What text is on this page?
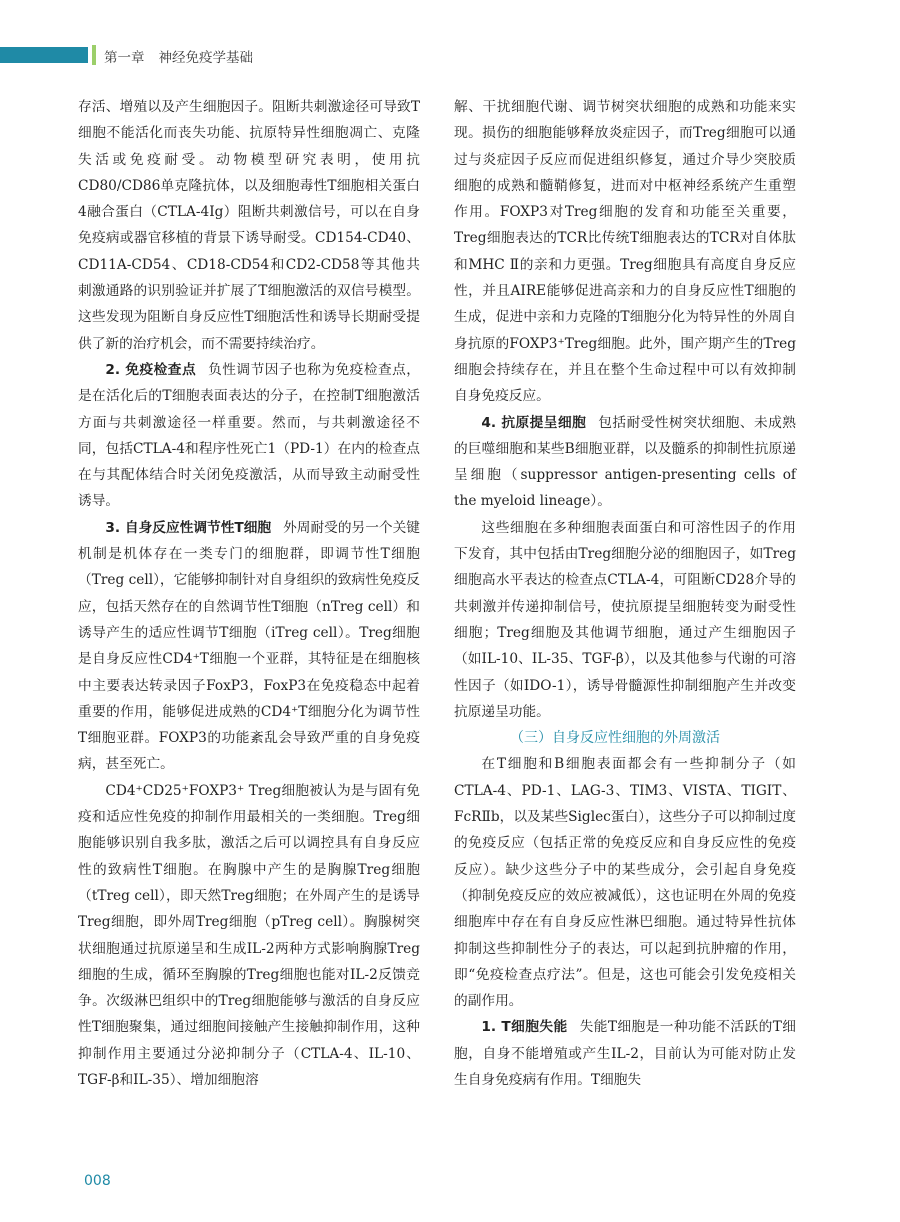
第一章 神经免疫学基础

存活、增殖以及产生细胞因子。阻断共刺激途径可导致T细胞不能活化而丧失功能、抗原特异性细胞凋亡、克隆失活或免疫耐受。动物模型研究表明，使用抗CD80/CD86单克隆抗体，以及细胞毒性T细胞相关蛋白4融合蛋白（CTLA-4Ig）阻断共刺激信号，可以在自身免疫病或器官移植的背景下诱导耐受。CD154-CD40、CD11A-CD54、CD18-CD54和CD2-CD58等其他共刺激通路的识别验证并扩展了T细胞激活的双信号模型。这些发现为阻断自身反应性T细胞活性和诱导长期耐受提供了新的治疗机会，而不需要持续治疗。

2. 免疫检查点 负性调节因子也称为免疫检查点，是在活化后的T细胞表面表达的分子，在控制T细胞激活方面与共刺激途径一样重要。然而，与共刺激途径不同，包括CTLA-4和程序性死亡1（PD-1）在内的检查点在与其配体结合时关闭免疫激活，从而导致主动耐受性诱导。

3. 自身反应性调节性T细胞 外周耐受的另一个关键机制是机体存在一类专门的细胞群，即调节性T细胞（Treg cell），它能够抑制针对自身组织的致病性免疫反应，包括天然存在的自然调节性T细胞（nTreg cell）和诱导产生的适应性调节T细胞（iTreg cell）。Treg细胞是自身反应性CD4⁺T细胞一个亚群，其特征是在细胞核中主要表达转录因子FoxP3，FoxP3在免疫稳态中起着重要的作用，能够促进成熟的CD4⁺T细胞分化为调节性T细胞亚群。FOXP3的功能紊乱会导致严重的自身免疫病，甚至死亡。

CD4⁺CD25⁺FOXP3⁺ Treg细胞被认为是与固有免疫和适应性免疫的抑制作用最相关的一类细胞。Treg细胞能够识别自我多肽，激活之后可以调控具有自身反应性的致病性T细胞。在胸腺中产生的是胸腺Treg细胞（tTreg cell），即天然Treg细胞；在外周产生的是诱导Treg细胞，即外周Treg细胞（pTreg cell）。胸腺树突状细胞通过抗原递呈和生成IL-2两种方式影响胸腺Treg细胞的生成，循环至胸腺的Treg细胞也能对IL-2反馈竞争。次级淋巴组织中的Treg细胞能够与激活的自身反应性T细胞聚集，通过细胞间接触产生接触抑制作用，这种抑制作用主要通过分泌抑制分子（CTLA-4、IL-10、TGF-β和IL-35）、增加细胞溶

解、干扰细胞代谢、调节树突状细胞的成熟和功能来实现。损伤的细胞能够释放炎症因子，而Treg细胞可以通过与炎症因子反应而促进组织修复，通过介导少突胶质细胞的成熟和髓鞘修复，进而对中枢神经系统产生重塑作用。FOXP3对Treg细胞的发育和功能至关重要，Treg细胞表达的TCR比传统T细胞表达的TCR对自体肽和MHC Ⅱ的亲和力更强。Treg细胞具有高度自身反应性，并且AIRE能够促进高亲和力的自身反应性T细胞的生成，促进中亲和力克隆的T细胞分化为特异性的外周自身抗原的FOXP3⁺Treg细胞。此外，围产期产生的Treg细胞会持续存在，并且在整个生命过程中可以有效抑制自身免疫反应。

4. 抗原提呈细胞 包括耐受性树突状细胞、未成熟的巨噬细胞和某些B细胞亚群，以及髓系的抑制性抗原递呈细胞（suppressor antigen-presenting cells of the myeloid lineage）。

这些细胞在多种细胞表面蛋白和可溶性因子的作用下发育，其中包括由Treg细胞分泌的细胞因子，如Treg细胞高水平表达的检查点CTLA-4，可阻断CD28介导的共刺激并传递抑制信号，使抗原提呈细胞转变为耐受性细胞；Treg细胞及其他调节细胞，通过产生细胞因子（如IL-10、IL-35、TGF-β），以及其他参与代谢的可溶性因子（如IDO-1），诱导骨髓源性抑制细胞产生并改变抗原递呈功能。

（三）自身反应性细胞的外周激活

在T细胞和B细胞表面都会有一些抑制分子（如CTLA-4、PD-1、LAG-3、TIM3、VISTA、TIGIT、FcRⅡb，以及某些Siglec蛋白），这些分子可以抑制过度的免疫反应（包括正常的免疫反应和自身反应性的免疫反应）。缺少这些分子中的某些成分，会引起自身免疫（抑制免疫反应的效应被减低），这也证明在外周的免疫细胞库中存在有自身反应性淋巴细胞。通过特异性抗体抑制这些抑制性分子的表达，可以起到抗肿瘤的作用，即“免疫检查点疗法”。但是，这也可能会引发免疫相关的副作用。

1. T细胞失能 失能T细胞是一种功能不活跃的T细胞，自身不能增殖或产生IL-2，目前认为可能对防止发生自身免疫病有作用。T细胞失

008
